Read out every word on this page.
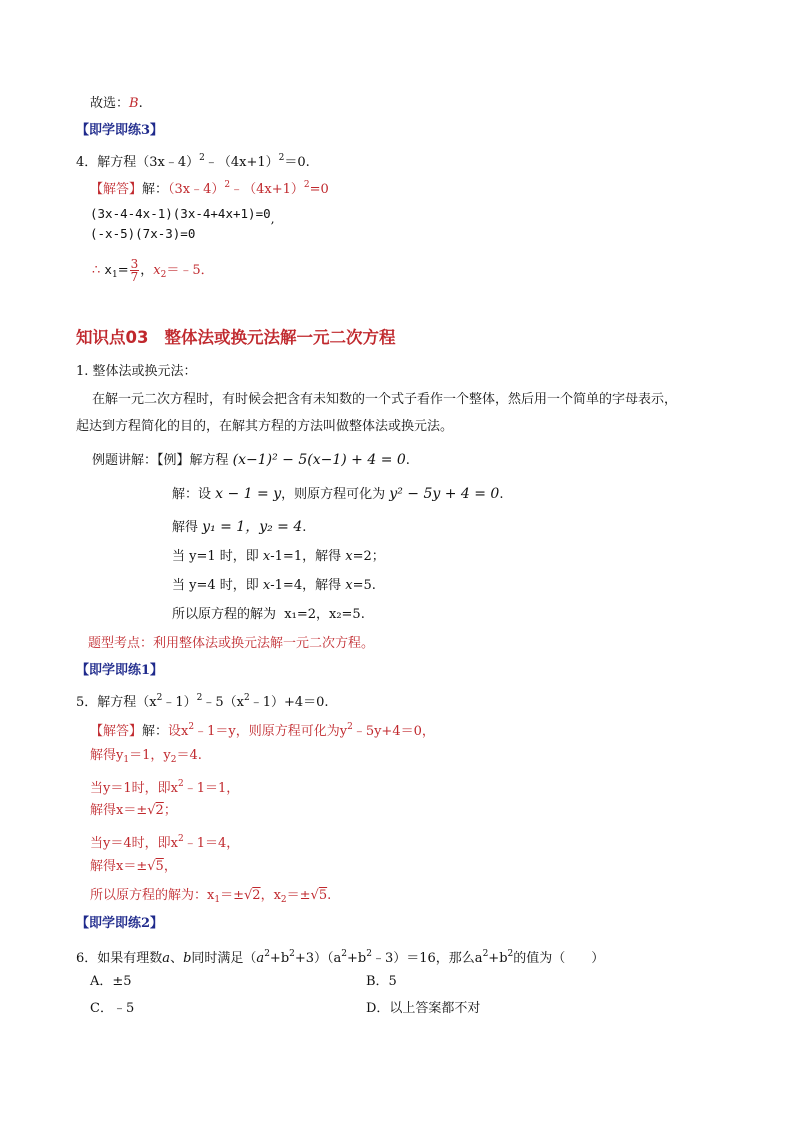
故选：B.
【即学即练3】
4．解方程$(3x﹣4)^2﹣(4x+1)^2=0$.
【解答】解：$(3x﹣4)^2﹣(4x+1)^2=0$
(3x-4-4x-1)(3x-4+4x+1)=0,
(-x-5)(7x-3)=0
∴ $x_1= \frac{3}{7}$ ，$x_2=﹣5$．
知识点03 整体法或换元法解一元二次方程
1. 整体法或换元法：
在解一元二次方程时，有时候会把含有未知数的一个式子看作一个整体，然后用一个简单的字母表示，
起达到方程简化的目的，在解其方程的方法叫做整体法或换元法。
例题讲解：【例】解方程 (x−1)² − 5(x−1) + 4 = 0.
解：设 x − 1 = y，则原方程可化为 y² − 5y + 4 = 0.
解得 y₁ = 1，y₂ = 4.
当 y=1 时，即 x-1=1，解得 x=2；
当 y=4 时，即 x-1=4，解得 x=5.
所以原方程的解为 x₁=2，x₂=5.
题型考点：利用整体法或换元法解一元二次方程。
【即学即练1】
5．解方程$(x^2﹣1)^2﹣5(x^2﹣1)+4=0$.
【解答】解：设$x^2﹣1=y$，则原方程可化为$y^2﹣5y+4=0$，
解得$y_1=1$，$y_2=4$.
当y＝1时，即$x^2﹣1=1$，
解得x＝±√2；
当y＝4时，即$x^2﹣1=4$，
解得x＝±√5，
所以原方程的解为：$x_1=\pm√2$，$x_2=\pm√5$.
【即学即练2】
6．如果有理数a、b同时满足$(a^2+b^2+3)(a^2+b^2﹣3)=16$，那么$a^2+b^2$的值为（　　）
A．±5	B．5
C．﹣5	D．以上答案都不对
